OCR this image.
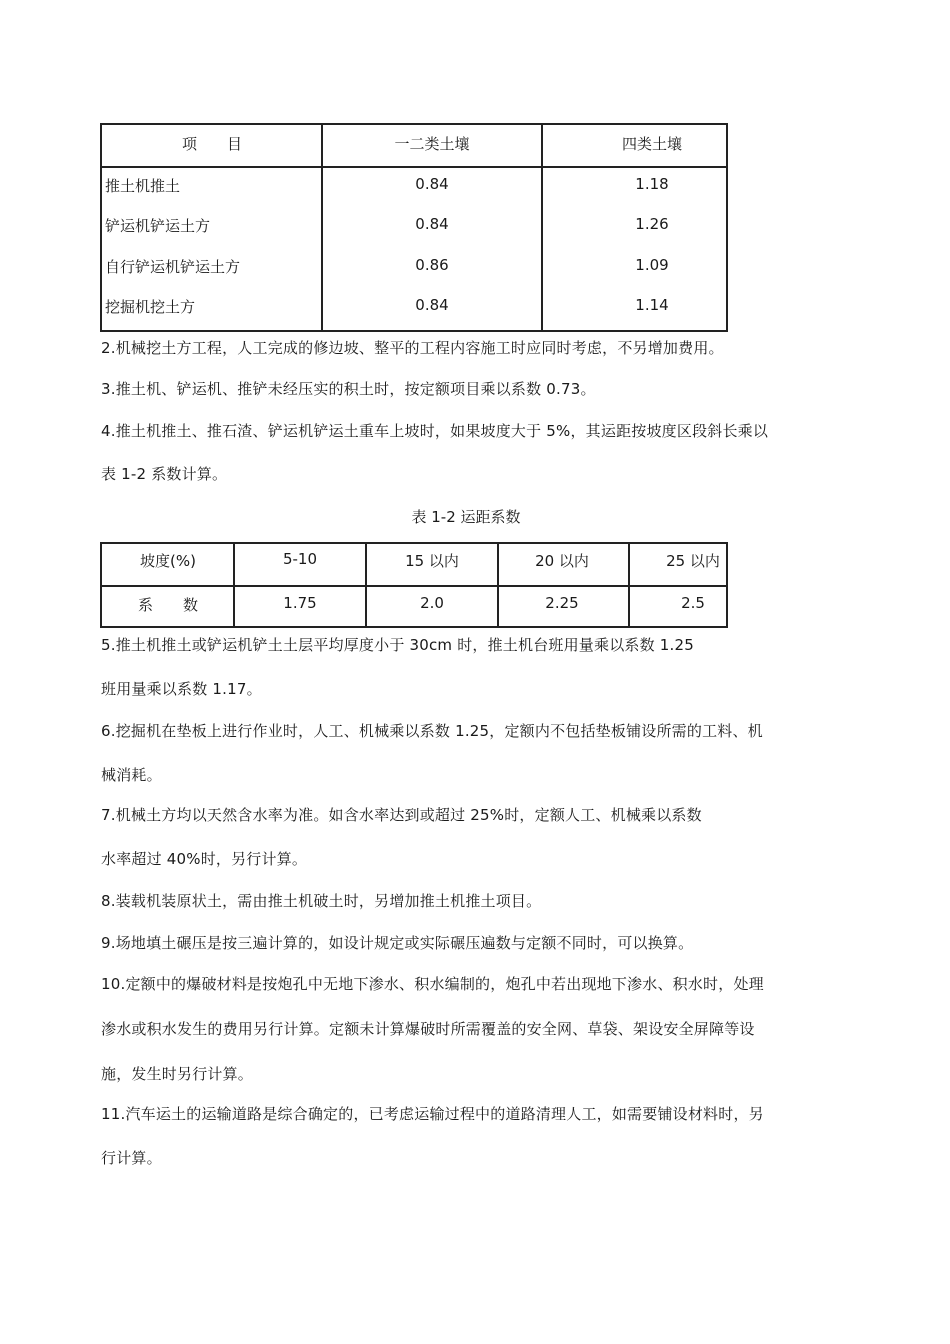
项　　目	一二类土壤	四类土壤
推土机推土	0.84	1.18
铲运机铲运土方	0.84	1.26
自行铲运机铲运土方	0.86	1.09
挖掘机挖土方	0.84	1.14
2.机械挖土方工程，人工完成的修边坡、整平的工程内容施工时应同时考虑，不另增加费用。
3.推土机、铲运机、推铲未经压实的积土时，按定额项目乘以系数 0.73。
4.推土机推土、推石渣、铲运机铲运土重车上坡时，如果坡度大于 5%，其运距按坡度区段斜长乘以
表 1-2 系数计算。
表 1-2 运距系数
坡度(%)	5-10	15 以内	20 以内	25 以内
系　　数	1.75	2.0	2.25	2.5
5.推土机推土或铲运机铲土土层平均厚度小于 30cm 时，推土机台班用量乘以系数 1.25
班用量乘以系数 1.17。
6.挖掘机在垫板上进行作业时，人工、机械乘以系数 1.25，定额内不包括垫板铺设所需的工料、机
械消耗。
7.机械土方均以天然含水率为准。如含水率达到或超过 25%时，定额人工、机械乘以系数
水率超过 40%时，另行计算。
8.装载机装原状土，需由推土机破土时，另增加推土机推土项目。
9.场地填土碾压是按三遍计算的，如设计规定或实际碾压遍数与定额不同时，可以换算。
10.定额中的爆破材料是按炮孔中无地下渗水、积水编制的，炮孔中若出现地下渗水、积水时，处理
渗水或积水发生的费用另行计算。定额未计算爆破时所需覆盖的安全网、草袋、架设安全屏障等设
施，发生时另行计算。
11.汽车运土的运输道路是综合确定的，已考虑运输过程中的道路清理人工，如需要铺设材料时，另
行计算。
